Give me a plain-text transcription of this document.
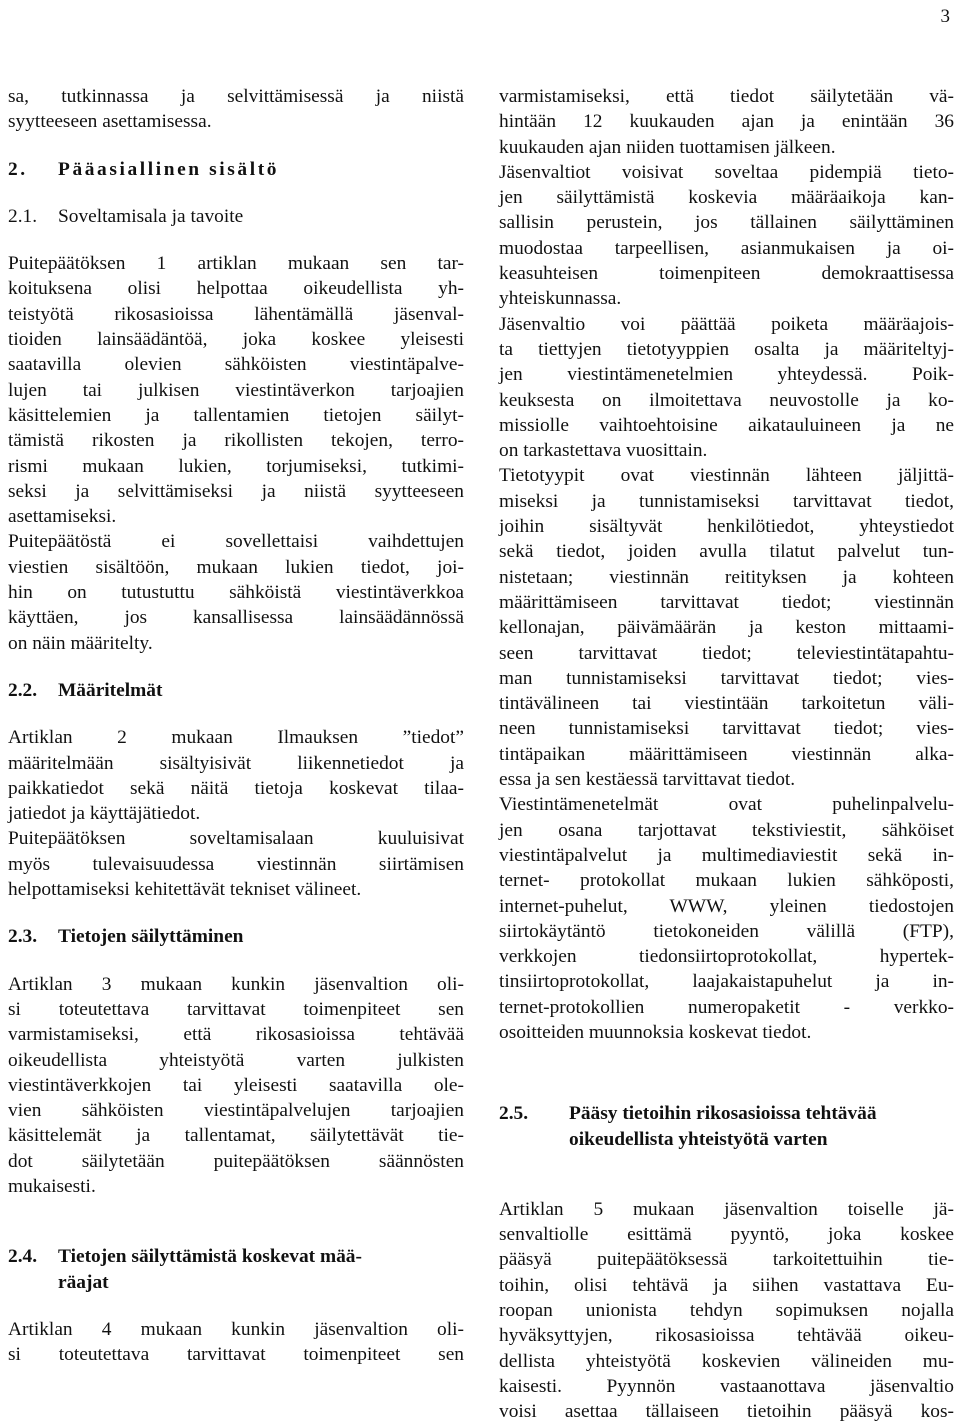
3
sa, tutkinnassa ja selvittämisessä ja niistä
syytteeseen asettamisessa.
2. Pääasiallinen sisältö
2.1. Soveltamisala ja tavoite
Puitepäätöksen 1 artiklan mukaan sen tar-
koituksena olisi helpottaa oikeudellista yh-
teistyötä rikosasioissa lähentämällä jäsenval-
tioiden lainsäädäntöä, joka koskee yleisesti
saatavilla olevien sähköisten viestintäpalve-
lujen tai julkisen viestintäverkon tarjoajien
käsittelemien ja tallentamien tietojen säilyt-
tämistä rikosten ja rikollisten tekojen, terro-
rismi mukaan lukien, torjumiseksi, tutkimi-
seksi ja selvittämiseksi ja niistä syytteeseen
asettamiseksi.
Puitepäätöstä ei sovellettaisi vaihdettujen
viestien sisältöön, mukaan lukien tiedot, joi-
hin on tutustuttu sähköistä viestintäverkkoa
käyttäen, jos kansallisessa lainsäädännössä
on näin määritelty.
2.2. Määritelmät
Artiklan 2 mukaan Ilmauksen ”tiedot”
määritelmään sisältyisivät liikennetiedot ja
paikkatiedot sekä näitä tietoja koskevat tilaa-
jatiedot ja käyttäjätiedot.
Puitepäätöksen soveltamisalaan kuuluisivat
myös tulevaisuudessa viestinnän siirtämisen
helpottamiseksi kehitettävät tekniset välineet.
2.3. Tietojen säilyttäminen
Artiklan 3 mukaan kunkin jäsenvaltion oli-
si toteutettava tarvittavat toimenpiteet sen
varmistamiseksi, että rikosasioissa tehtävää
oikeudellista yhteistyötä varten julkisten
viestintäverkkojen tai yleisesti saatavilla ole-
vien sähköisten viestintäpalvelujen tarjoajien
käsittelemät ja tallentamat, säilytettävät tie-
dot säilytetään puitepäätöksen säännösten
mukaisesti.
2.4. Tietojen säilyttämistä koskevat mää-
räajat
Artiklan 4 mukaan kunkin jäsenvaltion oli-
si toteutettava tarvittavat toimenpiteet sen
varmistamiseksi, että tiedot säilytetään vä-
hintään 12 kuukauden ajan ja enintään 36
kuukauden ajan niiden tuottamisen jälkeen.
Jäsenvaltiot voisivat soveltaa pidempiä tieto-
jen säilyttämistä koskevia määräaikoja kan-
sallisin perustein, jos tällainen säilyttäminen
muodostaa tarpeellisen, asianmukaisen ja oi-
keasuhteisen toimenpiteen demokraattisessa
yhteiskunnassa.
Jäsenvaltio voi päättää poiketa määräajois-
ta tiettyjen tietotyyppien osalta ja määriteltyj-
jen viestintämenetelmien yhteydessä. Poik-
keuksesta on ilmoitettava neuvostolle ja ko-
missiolle vaihtoehtoisine aikatauluineen ja ne
on tarkastettava vuosittain.
Tietotyypit ovat viestinnän lähteen jäljittä-
miseksi ja tunnistamiseksi tarvittavat tiedot,
joihin sisältyvät henkilötiedot, yhteystiedot
sekä tiedot, joiden avulla tilatut palvelut tun-
nistetaan; viestinnän reitityksen ja kohteen
määrittämiseen tarvittavat tiedot; viestinnän
kellonajan, päivämäärän ja keston mittaami-
seen tarvittavat tiedot; televiestintätapahtu-
man tunnistamiseksi tarvittavat tiedot; vies-
tintävälineen tai viestintään tarkoitetun väli-
neen tunnistamiseksi tarvittavat tiedot; vies-
tintäpaikan määrittämiseen viestinnän alka-
essa ja sen kestäessä tarvittavat tiedot.
Viestintämenetelmät ovat puhelinpalvelu-
jen osana tarjottavat tekstiviestit, sähköiset
viestintäpalvelut ja multimediaviestit sekä in-
ternet- protokollat mukaan lukien sähköposti,
internet-puhelut, WWW, yleinen tiedostojen
siirtokäytäntö tietokoneiden välillä (FTP),
verkkojen tiedonsiirtoprotokollat, hypertek-
tinsiirtoprotokollat, laajakaistapuhelut ja in-
ternet-protokollien numeropaketit - verkko-
osoitteiden muunnoksia koskevat tiedot.
2.5. Pääsy tietoihin rikosasioissa tehtävää
oikeudellista yhteistyötä varten
Artiklan 5 mukaan jäsenvaltion toiselle jä-
senvaltiolle esittämä pyyntö, joka koskee
pääsyä puitepäätöksessä tarkoitettuihin tie-
toihin, olisi tehtävä ja siihen vastattava Eu-
roopan unionista tehdyn sopimuksen nojalla
hyväksyttyjen, rikosasioissa tehtävää oikeu-
dellista yhteistyötä koskevien välineiden mu-
kaisesti. Pyynnön vastaanottava jäsenvaltio
voisi asettaa tällaiseen tietoihin pääsyä kos-
